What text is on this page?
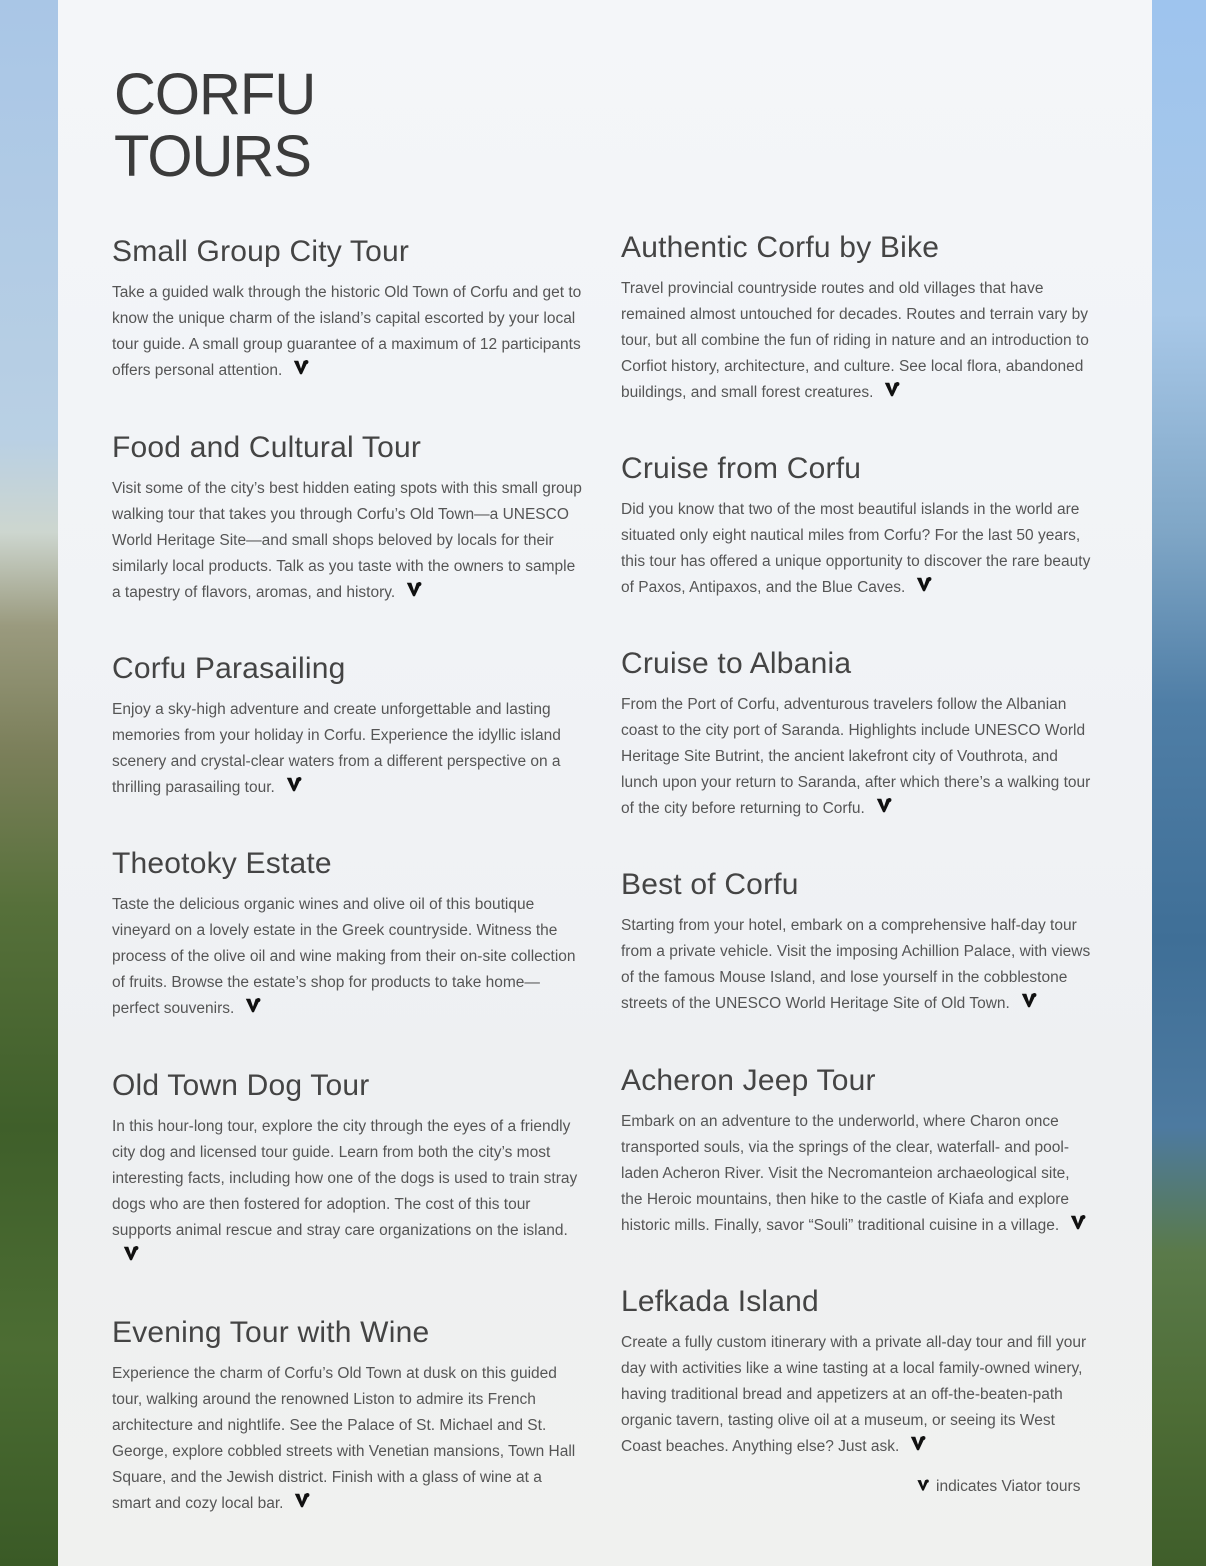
CORFU
TOURS
Small Group City Tour

Take a guided walk through the historic Old Town of Corfu and get to know the unique charm of the island’s capital escorted by your local tour guide. A small group guarantee of a maximum of 12 participants offers personal attention.

Food and Cultural Tour

Visit some of the city’s best hidden eating spots with this small group walking tour that takes you through Corfu’s Old Town—a UNESCO World Heritage Site—and small shops beloved by locals for their similarly local products. Talk as you taste with the owners to sample a tapestry of flavors, aromas, and history.

Corfu Parasailing

Enjoy a sky-high adventure and create unforgettable and lasting memories from your holiday in Corfu. Experience the idyllic island scenery and crystal-clear waters from a different perspective on a thrilling parasailing tour.

Theotoky Estate

Taste the delicious organic wines and olive oil of this boutique vineyard on a lovely estate in the Greek countryside. Witness the process of the olive oil and wine making from their on-site collection of fruits. Browse the estate’s shop for products to take home—perfect souvenirs.

Old Town Dog Tour

In this hour-long tour, explore the city through the eyes of a friendly city dog and licensed tour guide. Learn from both the city’s most interesting facts, including how one of the dogs is used to train stray dogs who are then fostered for adoption. The cost of this tour supports animal rescue and stray care organizations on the island.

Evening Tour with Wine

Experience the charm of Corfu’s Old Town at dusk on this guided tour, walking around the renowned Liston to admire its French architecture and nightlife. See the Palace of St. Michael and St. George, explore cobbled streets with Venetian mansions, Town Hall Square, and the Jewish district. Finish with a glass of wine at a smart and cozy local bar.

Authentic Corfu by Bike

Travel provincial countryside routes and old villages that have remained almost untouched for decades. Routes and terrain vary by tour, but all combine the fun of riding in nature and an introduction to Corfiot history, architecture, and culture. See local flora, abandoned buildings, and small forest creatures.

Cruise from Corfu

Did you know that two of the most beautiful islands in the world are situated only eight nautical miles from Corfu? For the last 50 years, this tour has offered a unique opportunity to discover the rare beauty of Paxos, Antipaxos, and the Blue Caves.

Cruise to Albania

From the Port of Corfu, adventurous travelers follow the Albanian coast to the city port of Saranda. Highlights include UNESCO World Heritage Site Butrint, the ancient lakefront city of Vouthrota, and lunch upon your return to Saranda, after which there’s a walking tour of the city before returning to Corfu.

Best of Corfu

Starting from your hotel, embark on a comprehensive half-day tour from a private vehicle. Visit the imposing Achillion Palace, with views of the famous Mouse Island, and lose yourself in the cobblestone streets of the UNESCO World Heritage Site of Old Town.

Acheron Jeep Tour

Embark on an adventure to the underworld, where Charon once transported souls, via the springs of the clear, waterfall- and pool-laden Acheron River. Visit the Necromanteion archaeological site, the Heroic mountains, then hike to the castle of Kiafa and explore historic mills. Finally, savor “Souli” traditional cuisine in a village.

Lefkada Island

Create a fully custom itinerary with a private all-day tour and fill your day with activities like a wine tasting at a local family-owned winery, having traditional bread and appetizers at an off-the-beaten-path organic tavern, tasting olive oil at a museum, or seeing its West Coast beaches. Anything else? Just ask.

indicates Viator tours
